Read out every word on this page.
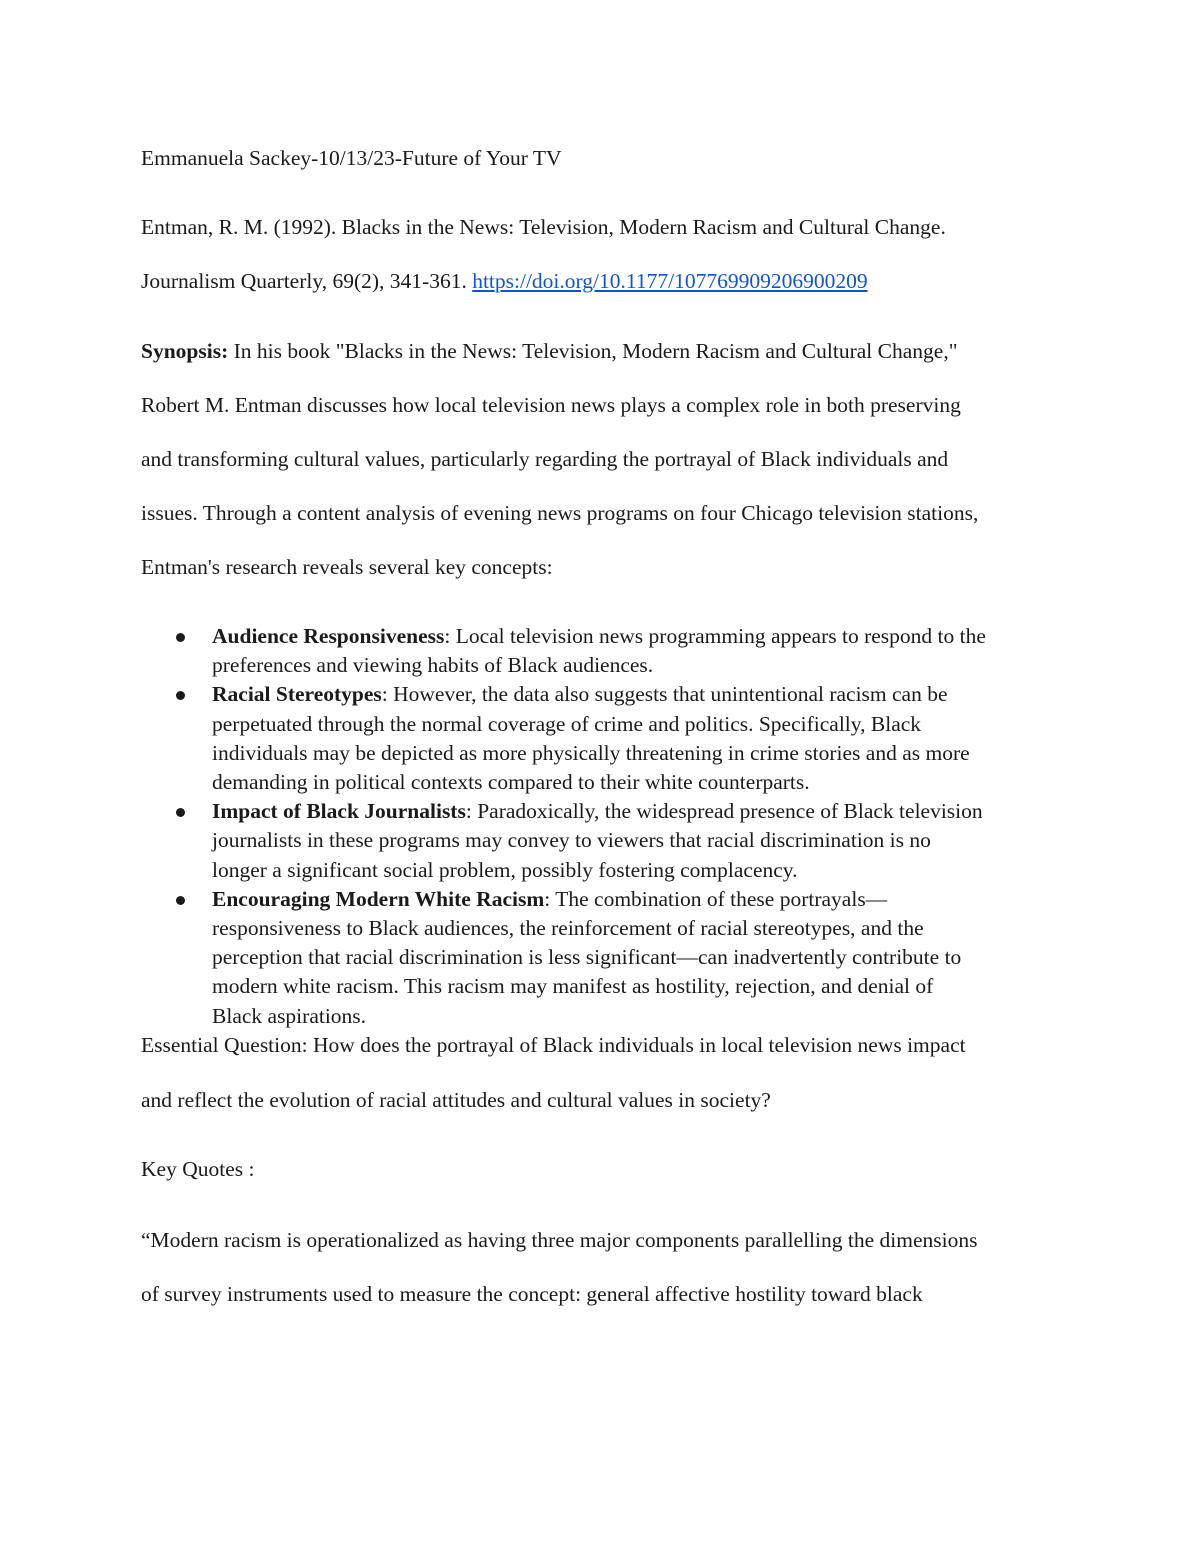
Emmanuela Sackey-10/13/23-Future of Your TV
Entman, R. M. (1992). Blacks in the News: Television, Modern Racism and Cultural Change.
Journalism Quarterly, 69(2), 341-361. https://doi.org/10.1177/107769909206900209
Synopsis: In his book "Blacks in the News: Television, Modern Racism and Cultural Change,"
Robert M. Entman discusses how local television news plays a complex role in both preserving
and transforming cultural values, particularly regarding the portrayal of Black individuals and
issues. Through a content analysis of evening news programs on four Chicago television stations,
Entman's research reveals several key concepts:
Audience Responsiveness: Local television news programming appears to respond to the
preferences and viewing habits of Black audiences.
Racial Stereotypes: However, the data also suggests that unintentional racism can be
perpetuated through the normal coverage of crime and politics. Specifically, Black
individuals may be depicted as more physically threatening in crime stories and as more
demanding in political contexts compared to their white counterparts.
Impact of Black Journalists: Paradoxically, the widespread presence of Black television
journalists in these programs may convey to viewers that racial discrimination is no
longer a significant social problem, possibly fostering complacency.
Encouraging Modern White Racism: The combination of these portrayals—
responsiveness to Black audiences, the reinforcement of racial stereotypes, and the
perception that racial discrimination is less significant—can inadvertently contribute to
modern white racism. This racism may manifest as hostility, rejection, and denial of
Black aspirations.
Essential Question: How does the portrayal of Black individuals in local television news impact
and reflect the evolution of racial attitudes and cultural values in society?
Key Quotes :
“Modern racism is operationalized as having three major components parallelling the dimensions
of survey instruments used to measure the concept: general affective hostility toward black
